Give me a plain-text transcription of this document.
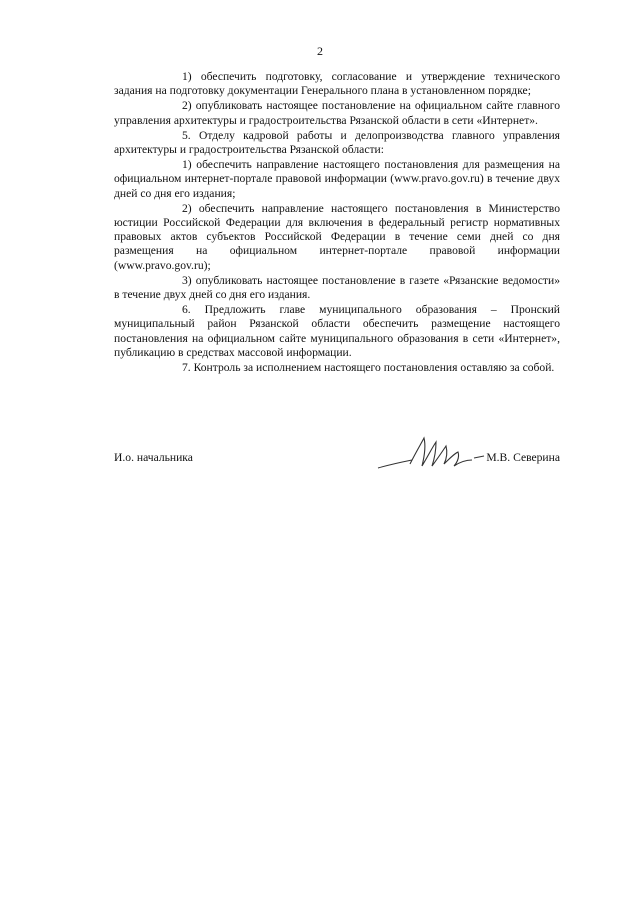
2

1) обеспечить подготовку, согласование и утверждение технического задания на подготовку документации Генерального плана в установленном порядке;

2) опубликовать настоящее постановление на официальном сайте главного управления архитектуры и градостроительства Рязанской области в сети «Интернет».

5. Отделу кадровой работы и делопроизводства главного управления архитектуры и градостроительства Рязанской области:

1) обеспечить направление настоящего постановления для размещения на официальном интернет-портале правовой информации (www.pravo.gov.ru) в течение двух дней со дня его издания;

2) обеспечить направление настоящего постановления в Министерство юстиции Российской Федерации для включения в федеральный регистр нормативных правовых актов субъектов Российской Федерации в течение семи дней со дня размещения на официальном интернет-портале правовой информации (www.pravo.gov.ru);

3) опубликовать настоящее постановление в газете «Рязанские ведомости» в течение двух дней со дня его издания.

6. Предложить главе муниципального образования – Пронский муниципальный район Рязанской области обеспечить размещение настоящего постановления на официальном сайте муниципального образования в сети «Интернет», публикацию в средствах массовой информации.

7. Контроль за исполнением настоящего постановления оставляю за собой.

И.о. начальника	М.В. Северина
